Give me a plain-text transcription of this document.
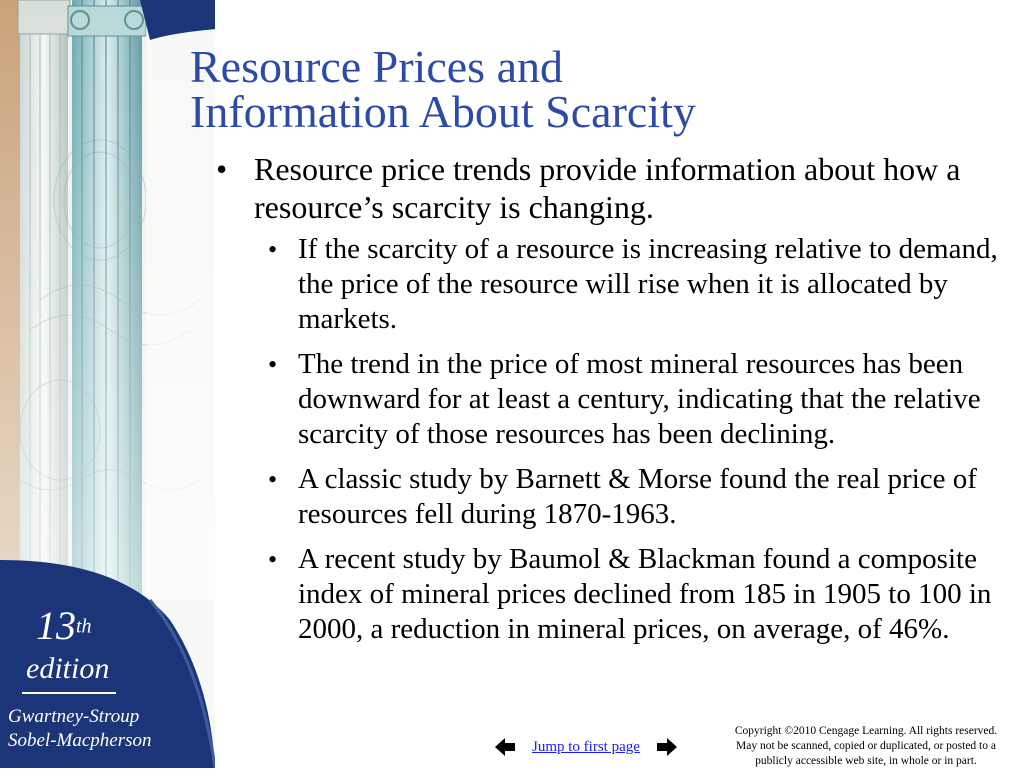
13th
edition
Gwartney-Stroup
Sobel-Macpherson
Resource Prices and
Information About Scarcity
• Resource price trends provide information about how a resource’s scarcity is changing.
• If the scarcity of a resource is increasing relative to demand, the price of the resource will rise when it is allocated by markets.
• The trend in the price of most mineral resources has been downward for at least a century, indicating that the relative scarcity of those resources has been declining.
• A classic study by Barnett & Morse found the real price of resources fell during 1870-1963.
• A recent study by Baumol & Blackman found a composite index of mineral prices declined from 185 in 1905 to 100 in 2000, a reduction in mineral prices, on average, of 46%.
Jump to first page
Copyright ©2010 Cengage Learning. All rights reserved.
May not be scanned, copied or duplicated, or posted to a
publicly accessible web site, in whole or in part.
